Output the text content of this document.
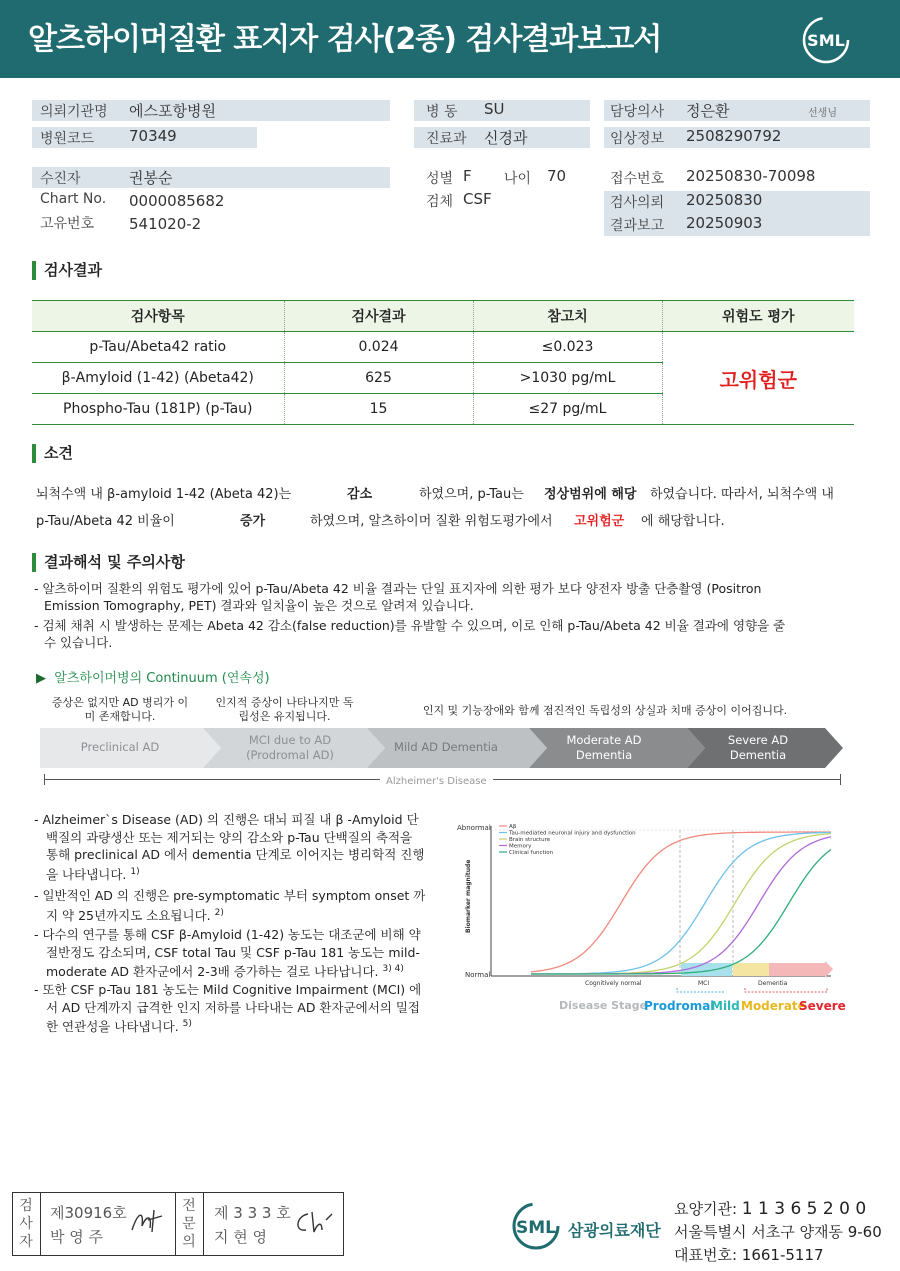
알츠하이머질환 표지자 검사(2종) 검사결과보고서	SML
의뢰기관명 에스포항병원
병원코드 70349
병 동 SU
진료과 신경과
담당의사 정은환	선생님
임상정보 2508290792
수진자	권봉순
Chart No. 0000085682
고유번호 541020-2
성별 F 나이 70
검체 CSF
접수번호 20250830-70098
검사의뢰 20250830
결과보고 20250903
검사결과
검사항목	검사결과	참고치	위험도 평가
p-Tau/Abeta42 ratio	0.024	≤0.023	고위험군
β-Amyloid (1-42) (Abeta42)	625	>1030 pg/mL	
Phospho-Tau (181P) (p-Tau)	15	≤27 pg/mL	
소견
뇌척수액 내 β-amyloid 1-42 (Abeta 42)는	감소	하였으며, p-Tau는 정상범위에 해당 하였습니다. 따라서, 뇌척수액 내
p-Tau/Abeta 42 비율이	증가	하였으며, 알츠하이머 질환 위험도평가에서 고위험군 에 해당합니다.
결과해석 및 주의사항
- 알츠하이머 질환의 위험도 평가에 있어 p-Tau/Abeta 42 비율 결과는 단일 표지자에 의한 평가 보다 양전자 방출 단층촬영 (Positron Emission Tomography, PET) 결과와 일치율이 높은 것으로 알려져 있습니다.
- 검체 채취 시 발생하는 문제는 Abeta 42 감소(false reduction)를 유발할 수 있으며, 이로 인해 p-Tau/Abeta 42 비율 결과에 영향을 줄 수 있습니다.
▶ 알츠하이머병의 Continuum (연속성)
증상은 없지만 AD 병리가 이미 존재합니다.
인지적 증상이 나타나지만 독립성은 유지됩니다.	인지 및 기능장애와 함께 점진적인 독립성의 상실과 치매 증상이 이어집니다.
Preclinical AD	MCI due to AD (Prodromal AD)
Mild AD Dementia	Moderate AD Dementia
Severe AD Dementia
Alzheimer's Disease
- Alzheimer`s Disease (AD) 의 진행은 대뇌 피질 내 β -Amyloid 단백질의 과량생산 또는 제거되는 양의 감소와 p-Tau 단백질의 축적을 통해 preclinical AD 에서 dementia 단계로 이어지는 병리학적 진행을 나타냅니다. $^{1)}$
- 일반적인 AD 의 진행은 pre-symptomatic 부터 symptom onset 까지 약 25년까지도 소요됩니다. $^{2)}$
- 다수의 연구를 통해 CSF β-Amyloid (1-42) 농도는 대조군에 비해 약 절반정도 감소되며, CSF total Tau 및 CSF p-Tau 181 농도는 mild-moderate AD 환자군에서 2-3배 증가하는 걸로 나타납니다. $^{3) 4)}$
- 또한 CSF p-Tau 181 농도는 Mild Cognitive Impairment (MCI) 에서 AD 단계까지 급격한 인지 저하를 나타내는 AD 환자군에서의 밀접한 연관성을 나타냅니다. $^{5)}$
Abnormal
Normal
Biomarker magnitude
Aβ
Tau-mediated neuronal injury and dysfunction
Brain structure
Memory
Clinical function
Cognitively normal	MCI	Dementia
Disease Stage
Prodromal
Mild Moderate
Severe
검사자
제30916호
박 영 주
전문의
제 3 3 3 호
지 현 영	SML 삼광의료재단
요양기관: 1 1 3 6 5 2 0 0
서울특별시 서초구 양재동 9-60
대표번호: 1661-5117
